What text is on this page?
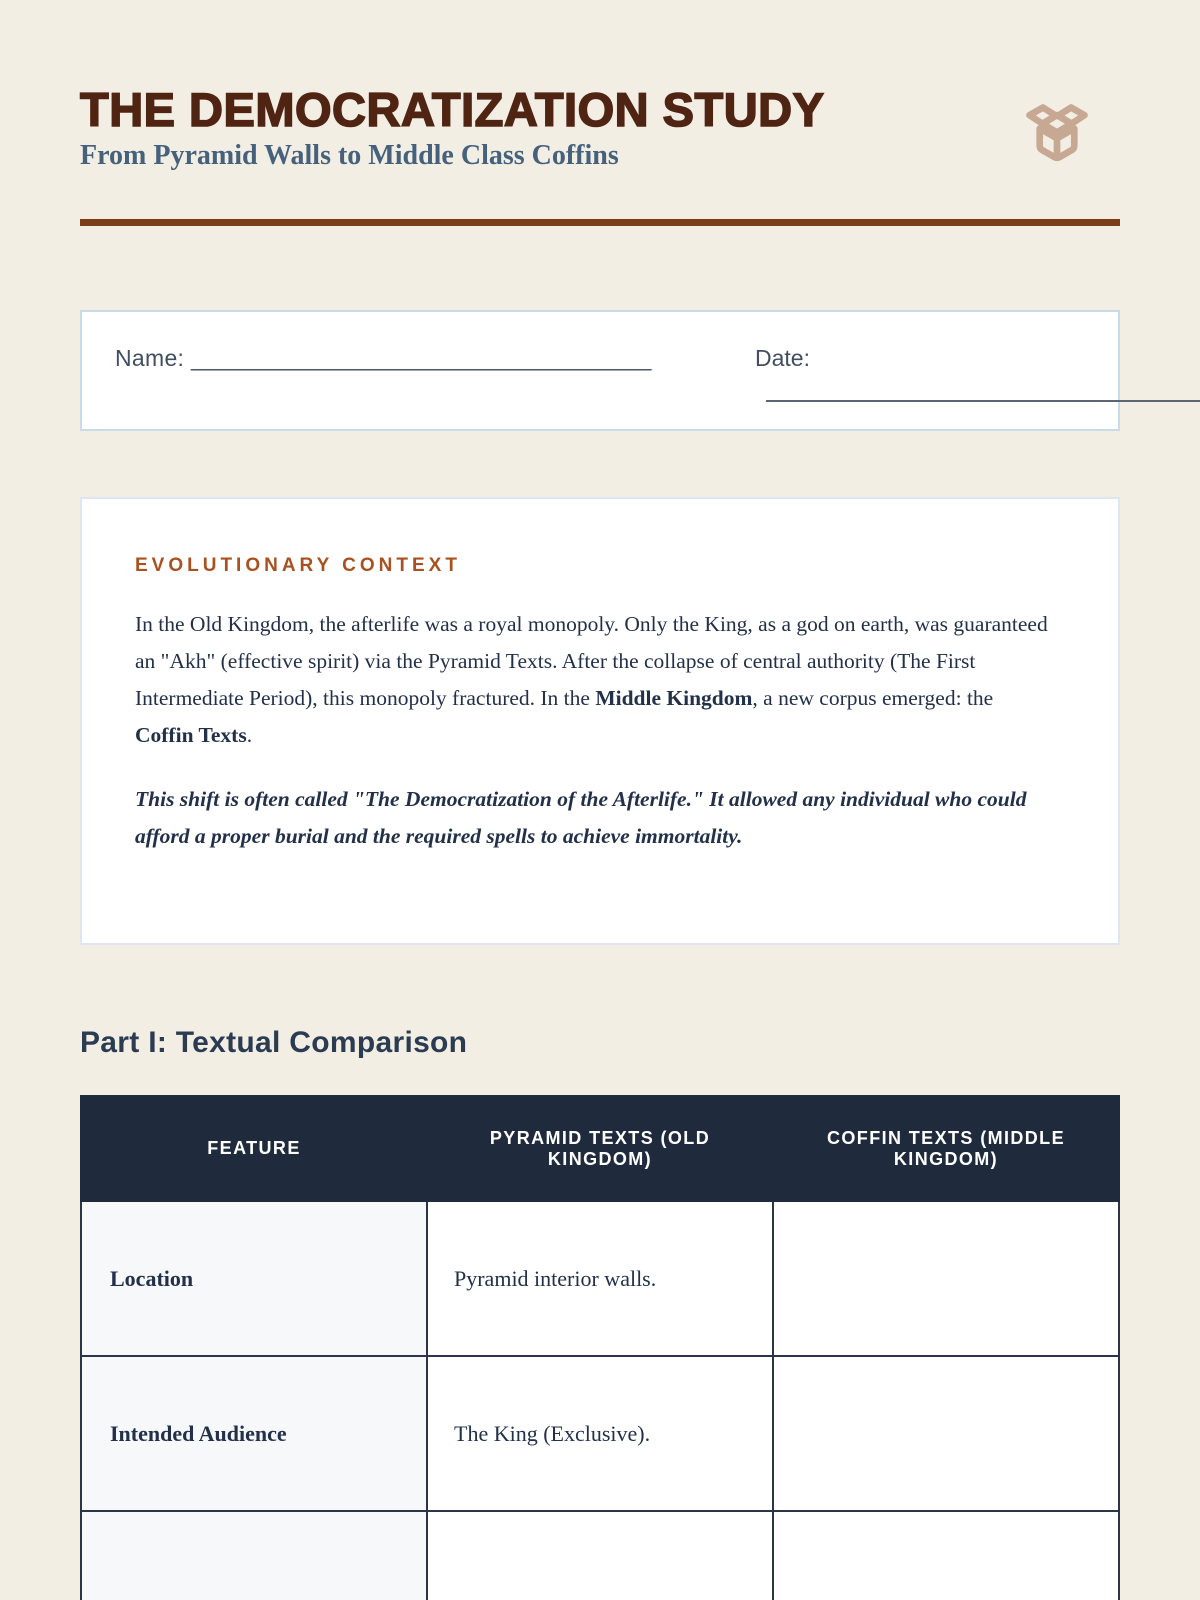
THE DEMOCRATIZATION STUDY
From Pyramid Walls to Middle Class Coffins
Name: ____________________________________	Date:
EVOLUTIONARY CONTEXT

In the Old Kingdom, the afterlife was a royal monopoly. Only the King, as a god on earth, was guaranteed an "Akh" (effective spirit) via the Pyramid Texts. After the collapse of central authority (The First Intermediate Period), this monopoly fractured. In the Middle Kingdom, a new corpus emerged: the Coffin Texts.

This shift is often called "The Democratization of the Afterlife." It allowed any individual who could afford a proper burial and the required spells to achieve immortality.

Part I: Textual Comparison
FEATURE	PYRAMID TEXTS (OLD KINGDOM)	COFFIN TEXTS (MIDDLE KINGDOM)
Location	Pyramid interior walls.	
Intended Audience	The King (Exclusive).	
